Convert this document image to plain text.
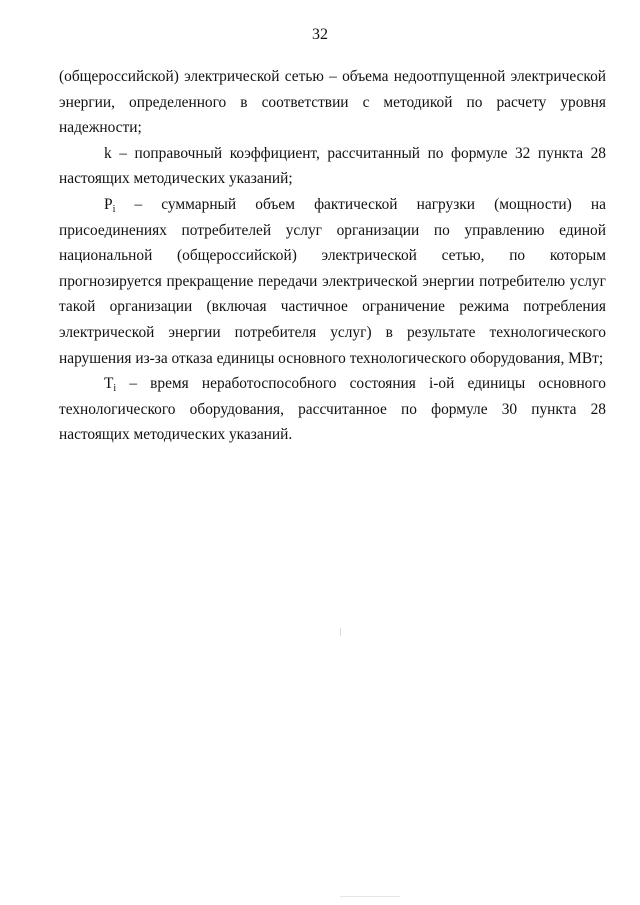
32

(общероссийской) электрической сетью – объема недоотпущенной электрической энергии, определенного в соответствии с методикой по расчету уровня надежности;

k – поправочный коэффициент, рассчитанный по формуле 32 пункта 28 настоящих методических указаний;

$P_i$ – суммарный объем фактической нагрузки (мощности) на присоединениях потребителей услуг организации по управлению единой национальной (общероссийской) электрической сетью, по которым прогнозируется прекращение передачи электрической энергии потребителю услуг такой организации (включая частичное ограничение режима потребления электрической энергии потребителя услуг) в результате технологического нарушения из-за отказа единицы основного технологического оборудования, МВт;

$T_i$ – время неработоспособного состояния i-ой единицы основного технологического оборудования, рассчитанное по формуле 30 пункта 28 настоящих методических указаний.
